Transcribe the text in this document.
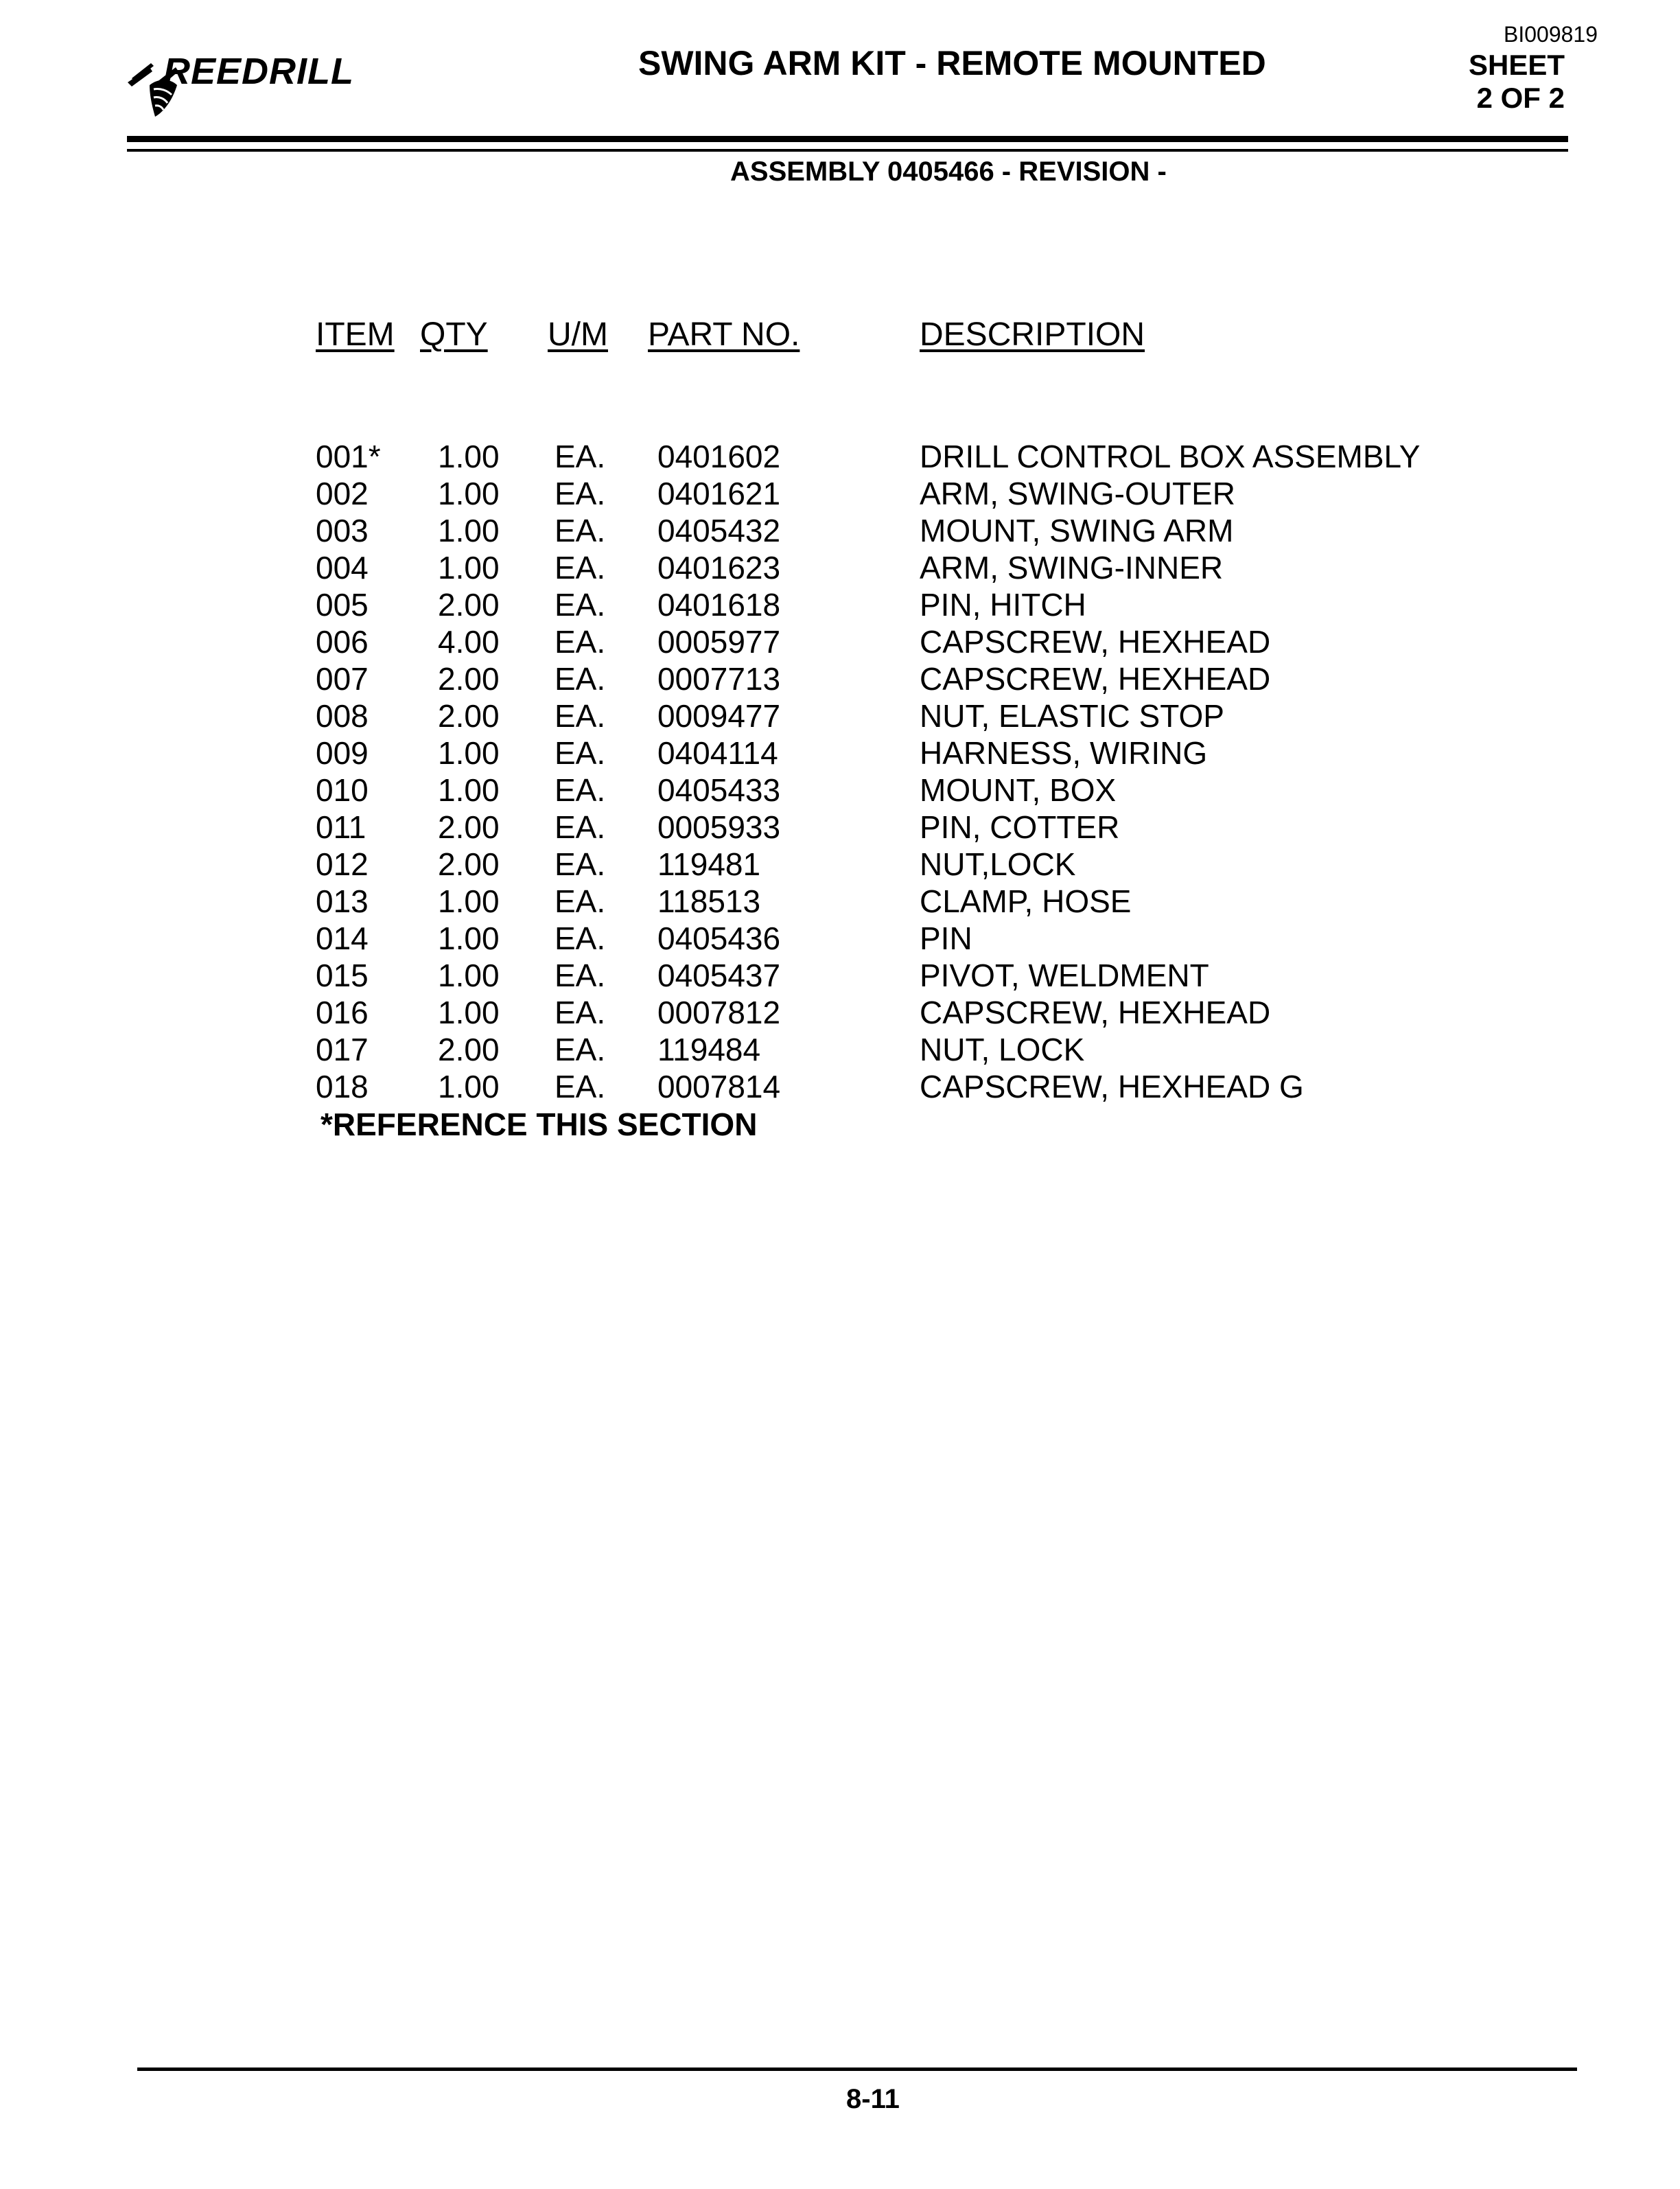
REEDRILL	SWING ARM KIT - REMOTE MOUNTED
BI009819
SHEET
2 OF 2
ASSEMBLY 0405466 - REVISION -
ITEM QTY U/M PART NO.	DESCRIPTION
001* 1.00 EA. 0401602	DRILL CONTROL BOX ASSEMBLY
002 1.00 EA. 0401621	ARM, SWING-OUTER
003 1.00 EA. 0405432	MOUNT, SWING ARM
004 1.00 EA. 0401623	ARM, SWING-INNER
005 2.00 EA. 0401618	PIN, HITCH
006 4.00 EA. 0005977	CAPSCREW, HEXHEAD
007 2.00 EA. 0007713	CAPSCREW, HEXHEAD
008 2.00 EA. 0009477	NUT, ELASTIC STOP
009 1.00 EA. 0404114	HARNESS, WIRING
010 1.00 EA. 0405433	MOUNT, BOX
011 2.00 EA. 0005933	PIN, COTTER
012 2.00 EA. 119481	NUT,LOCK
013 1.00 EA. 118513	CLAMP, HOSE
014 1.00 EA. 0405436	PIN
015 1.00 EA. 0405437	PIVOT, WELDMENT
016 1.00 EA. 0007812	CAPSCREW, HEXHEAD
017 2.00 EA. 119484	NUT, LOCK
018 1.00 EA. 0007814	CAPSCREW, HEXHEAD G
*REFERENCE THIS SECTION
8-11
